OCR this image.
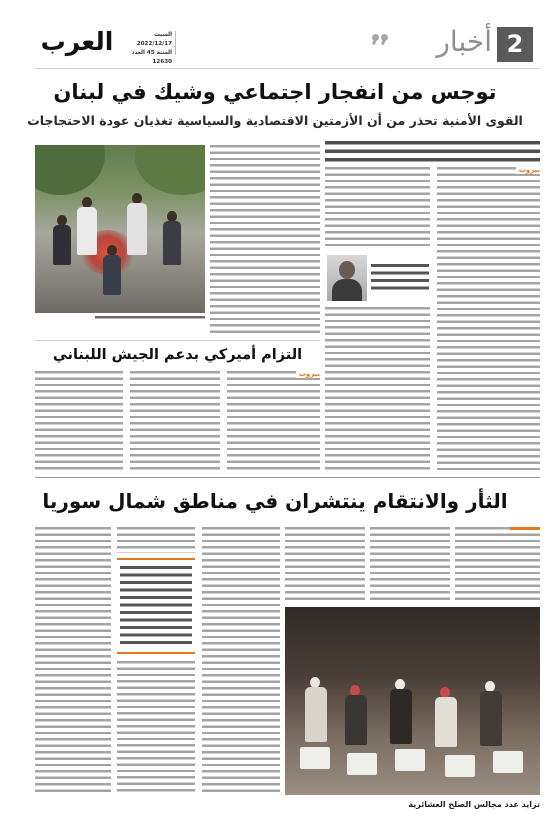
العرب	السبت 2022/12/17
السنة 45 العدد 12630
أخبار 2
توجس من انفجار اجتماعي وشيك في لبنان
القوى الأمنية تحذر من أن الأزمتين الاقتصادية والسياسية تغذيان عودة الاحتجاجات
بيروت
التزام أميركي بدعم الجيش اللبناني
بيروت
الثأر والانتقام ينتشران في مناطق شمال سوريا
تزايد عدد مجالس الصلح العشائرية
